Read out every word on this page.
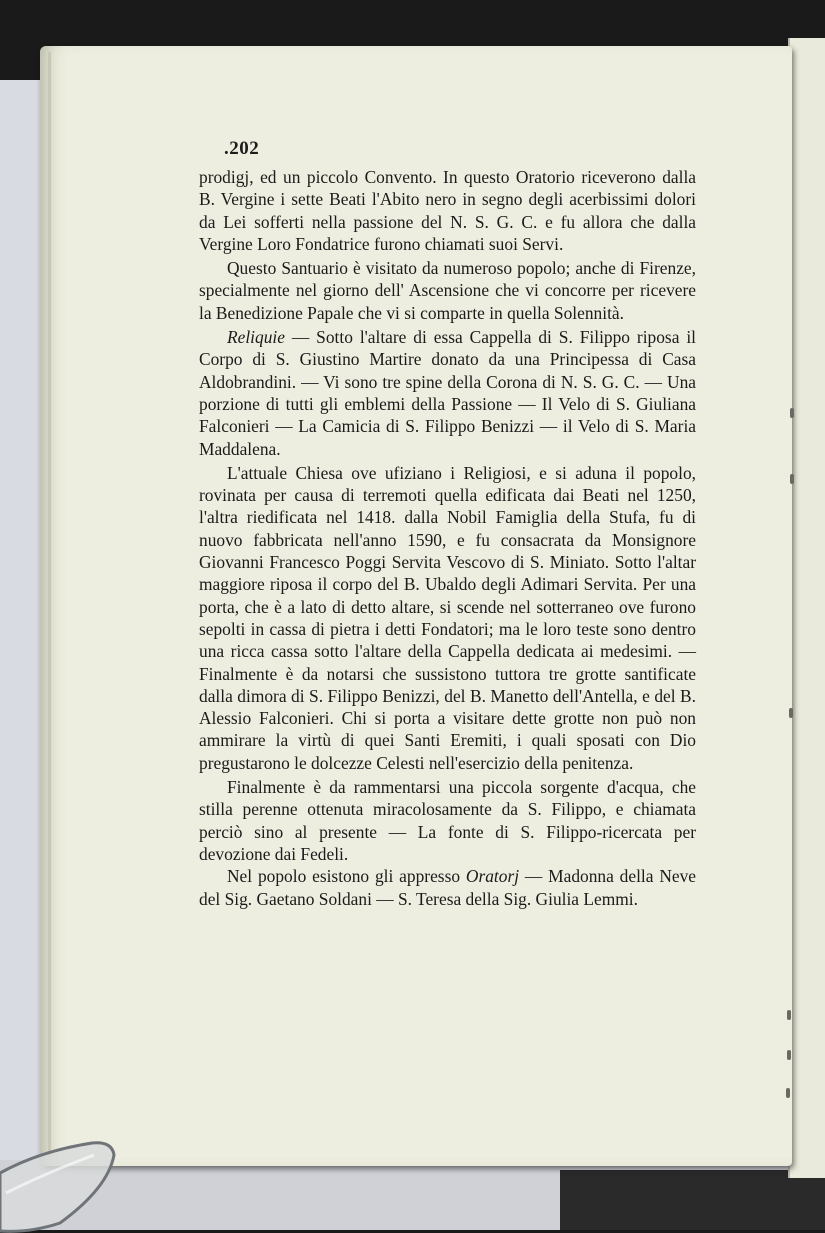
.202

prodigj, ed un piccolo Convento. In questo Oratorio riceverono dalla B. Vergine i sette Beati l'Abito nero in segno degli acerbissimi dolori da Lei sofferti nella passione del N. S. G. C. e fu allora che dalla Vergine Loro Fondatrice furono chiamati suoi Servi.

Questo Santuario è visitato da numeroso popolo; anche di Firenze, specialmente nel giorno dell' Ascensione che vi concorre per ricevere la Benedizione Papale che vi si comparte in quella Solennità.

Reliquie — Sotto l'altare di essa Cappella di S. Filippo riposa il Corpo di S. Giustino Martire donato da una Principessa di Casa Aldobrandini. — Vi sono tre spine della Corona di N. S. G. C. — Una porzione di tutti gli emblemi della Passione — Il Velo di S. Giuliana Falconieri — La Camicia di S. Filippo Benizzi — il Velo di S. Maria Maddalena.

L'attuale Chiesa ove ufiziano i Religiosi, e si aduna il popolo, rovinata per causa di terremoti quella edificata dai Beati nel 1250, l'altra riedificata nel 1418. dalla Nobil Famiglia della Stufa, fu di nuovo fabbricata nell'anno 1590, e fu consacrata da Monsignore Giovanni Francesco Poggi Servita Vescovo di S. Miniato. Sotto l'altar maggiore riposa il corpo del B. Ubaldo degli Adimari Servita. Per una porta, che è a lato di detto altare, si scende nel sotterraneo ove furono sepolti in cassa di pietra i detti Fondatori; ma le loro teste sono dentro una ricca cassa sotto l'altare della Cappella dedicata ai medesimi. — Finalmente è da notarsi che sussistono tuttora tre grotte santificate dalla dimora di S. Filippo Benizzi, del B. Manetto dell'Antella, e del B. Alessio Falconieri. Chi si porta a visitare dette grotte non può non ammirare la virtù di quei Santi Eremiti, i quali sposati con Dio pregustarono le dolcezze Celesti nell'esercizio della penitenza.

Finalmente è da rammentarsi una piccola sorgente d'acqua, che stilla perenne ottenuta miracolosamente da S. Filippo, e chiamata perciò sino al presente — La fonte di S. Filippo-ricercata per devozione dai Fedeli.

Nel popolo esistono gli appresso Oratorj — Madonna della Neve del Sig. Gaetano Soldani — S. Teresa della Sig. Giulia Lemmi.
